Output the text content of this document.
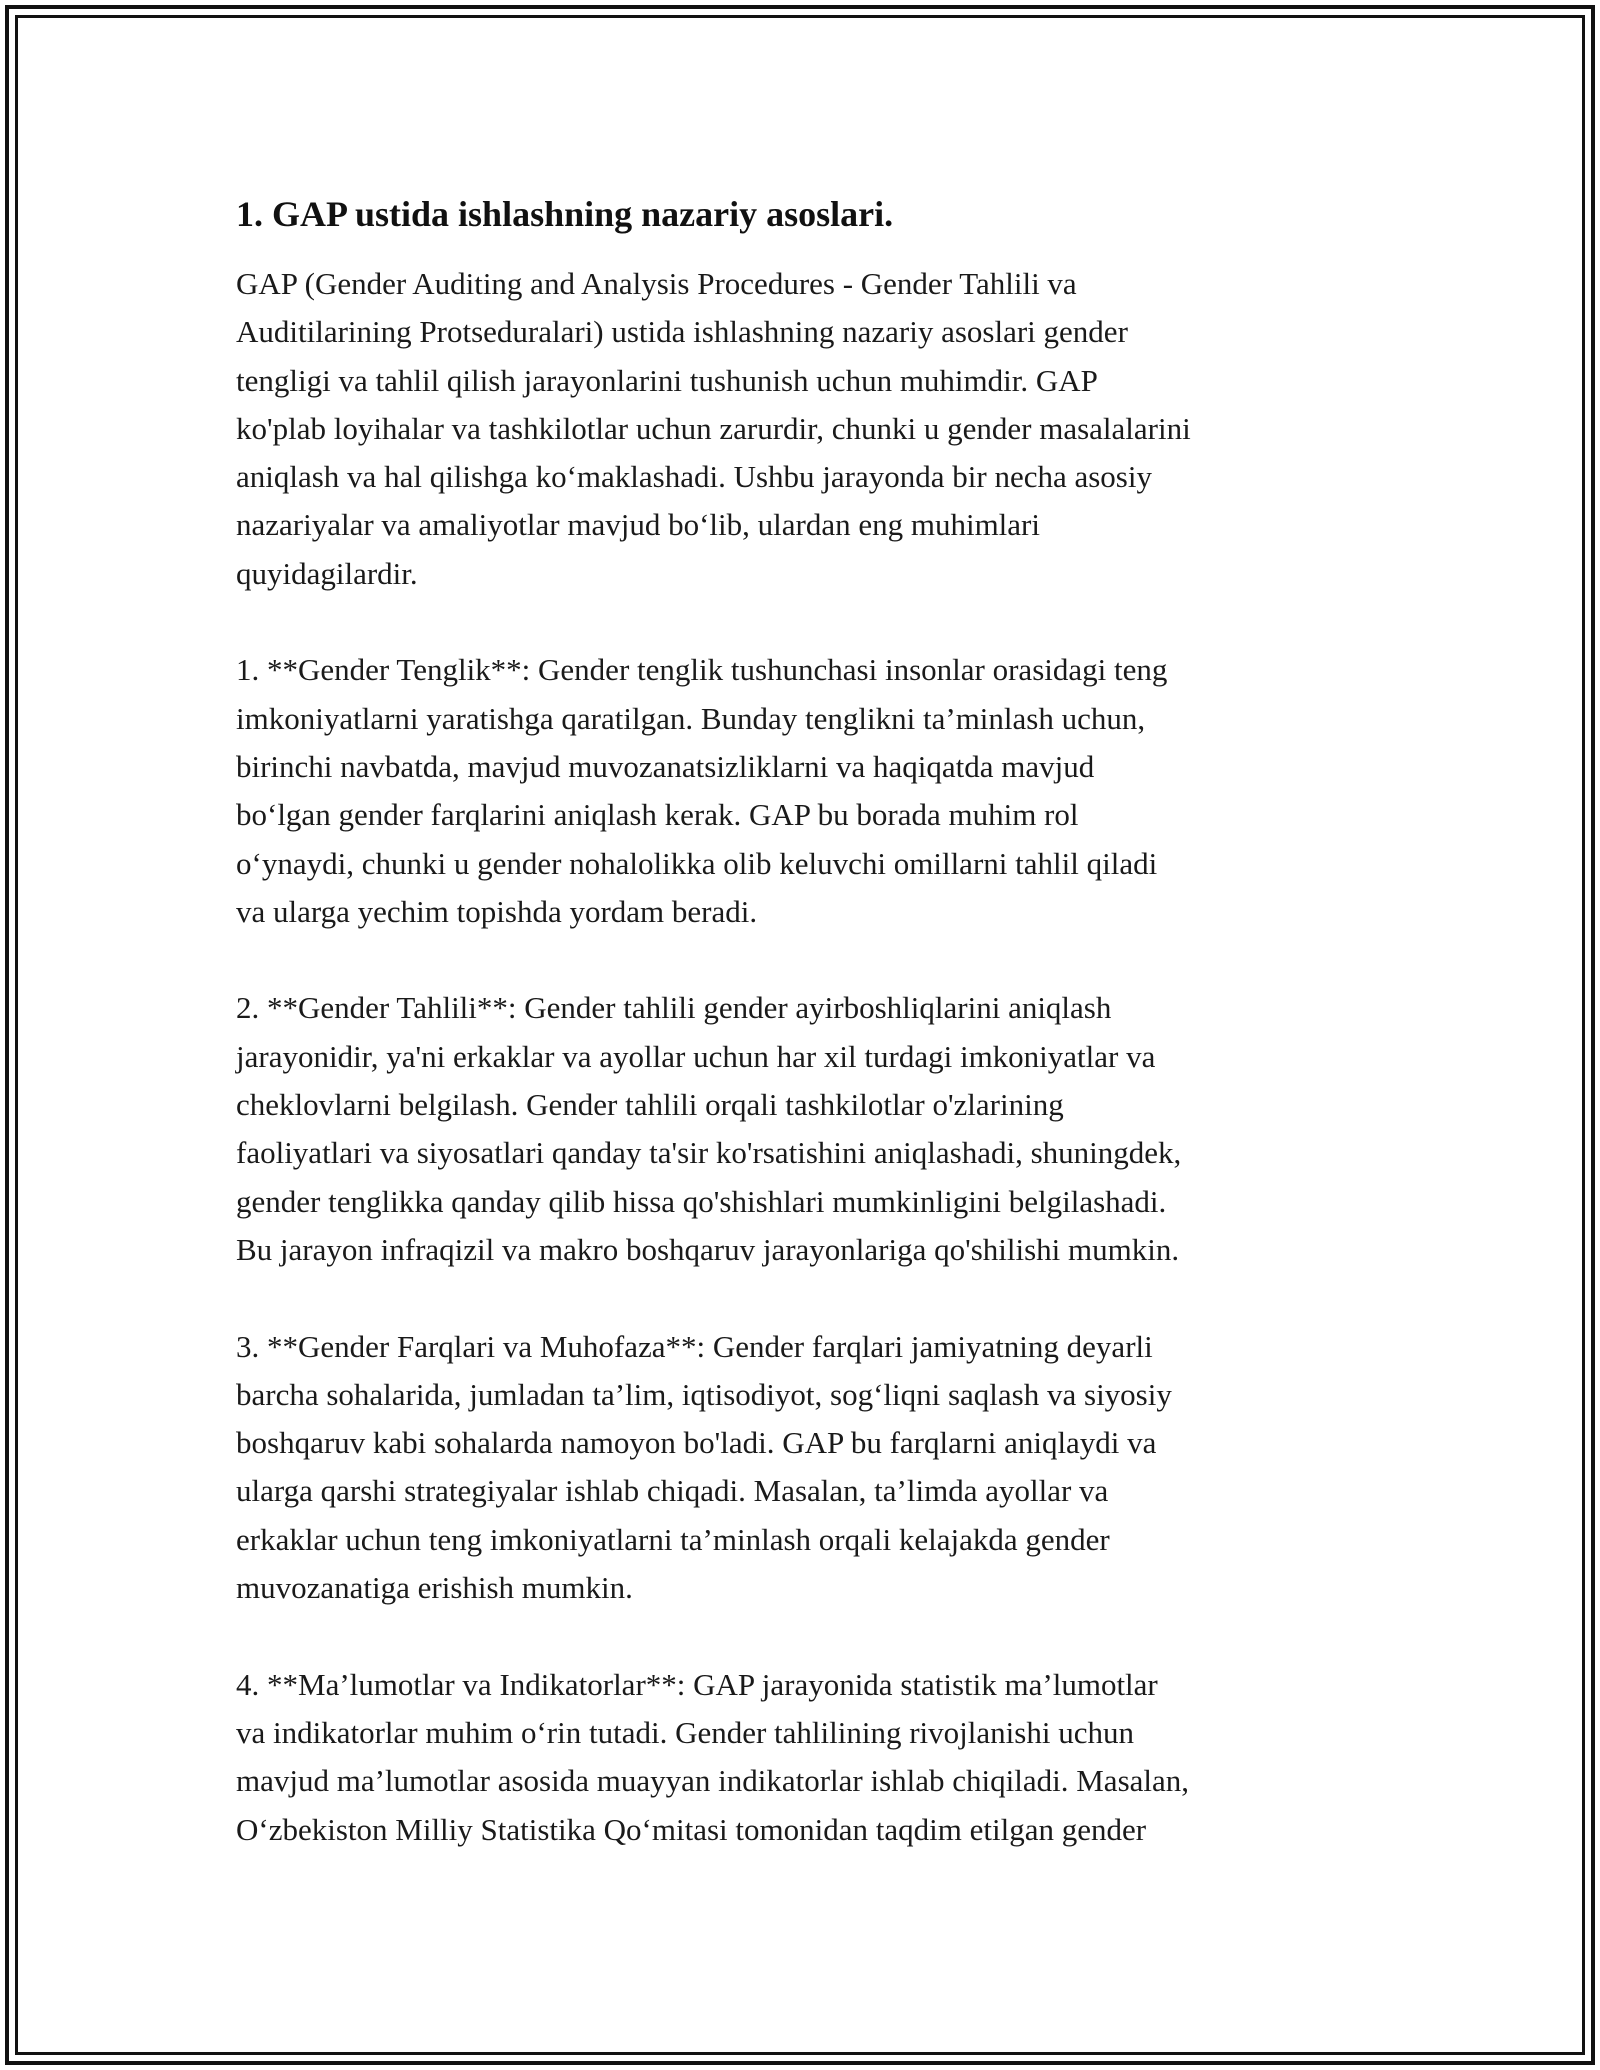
1. GAP ustida ishlashning nazariy asoslari.

GAP (Gender Auditing and Analysis Procedures - Gender Tahlili va
Auditilarining Protseduralari) ustida ishlashning nazariy asoslari gender
tengligi va tahlil qilish jarayonlarini tushunish uchun muhimdir. GAP
ko'plab loyihalar va tashkilotlar uchun zarurdir, chunki u gender masalalarini
aniqlash va hal qilishga ko‘maklashadi. Ushbu jarayonda bir necha asosiy
nazariyalar va amaliyotlar mavjud bo‘lib, ulardan eng muhimlari
quyidagilardir.

1. **Gender Tenglik**: Gender tenglik tushunchasi insonlar orasidagi teng
imkoniyatlarni yaratishga qaratilgan. Bunday tenglikni ta’minlash uchun,
birinchi navbatda, mavjud muvozanatsizliklarni va haqiqatda mavjud
bo‘lgan gender farqlarini aniqlash kerak. GAP bu borada muhim rol
o‘ynaydi, chunki u gender nohalolikka olib keluvchi omillarni tahlil qiladi
va ularga yechim topishda yordam beradi.

2. **Gender Tahlili**: Gender tahlili gender ayirboshliqlarini aniqlash
jarayonidir, ya'ni erkaklar va ayollar uchun har xil turdagi imkoniyatlar va
cheklovlarni belgilash. Gender tahlili orqali tashkilotlar o'zlarining
faoliyatlari va siyosatlari qanday ta'sir ko'rsatishini aniqlashadi, shuningdek,
gender tenglikka qanday qilib hissa qo'shishlari mumkinligini belgilashadi.
Bu jarayon infraqizil va makro boshqaruv jarayonlariga qo'shilishi mumkin.

3. **Gender Farqlari va Muhofaza**: Gender farqlari jamiyatning deyarli
barcha sohalarida, jumladan ta’lim, iqtisodiyot, sog‘liqni saqlash va siyosiy
boshqaruv kabi sohalarda namoyon bo'ladi. GAP bu farqlarni aniqlaydi va
ularga qarshi strategiyalar ishlab chiqadi. Masalan, ta’limda ayollar va
erkaklar uchun teng imkoniyatlarni ta’minlash orqali kelajakda gender
muvozanatiga erishish mumkin.

4. **Ma’lumotlar va Indikatorlar**: GAP jarayonida statistik ma’lumotlar
va indikatorlar muhim o‘rin tutadi. Gender tahlilining rivojlanishi uchun
mavjud ma’lumotlar asosida muayyan indikatorlar ishlab chiqiladi. Masalan,
O‘zbekiston Milliy Statistika Qo‘mitasi tomonidan taqdim etilgan gender
